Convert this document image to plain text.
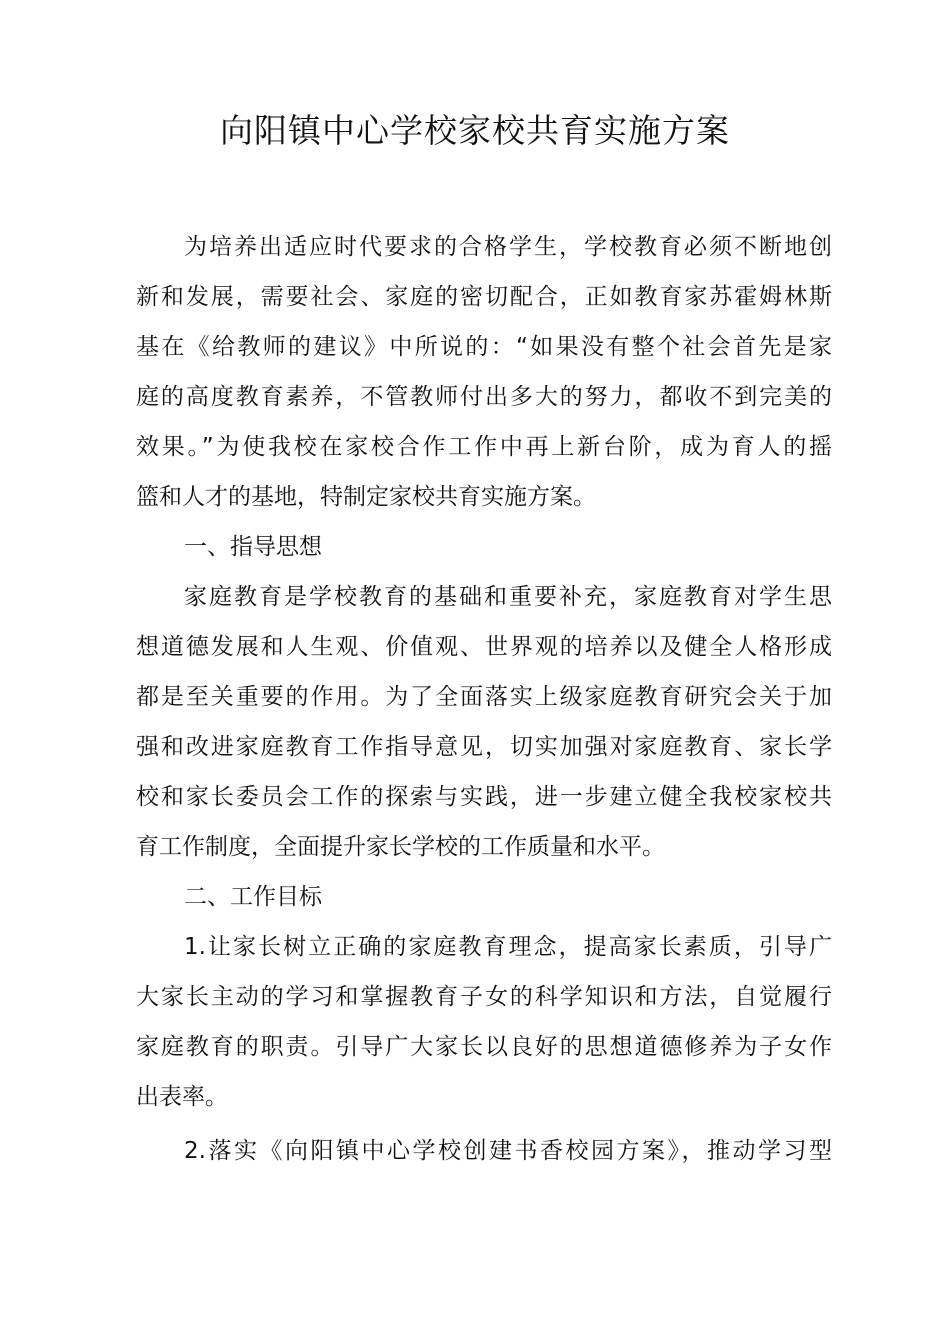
向阳镇中心学校家校共育实施方案
为培养出适应时代要求的合格学生，学校教育必须不断地创
新和发展，需要社会、家庭的密切配合，正如教育家苏霍姆林斯
基在《给教师的建议》中所说的：“如果没有整个社会首先是家
庭的高度教育素养，不管教师付出多大的努力，都收不到完美的
效果。”为使我校在家校合作工作中再上新台阶，成为育人的摇
篮和人才的基地，特制定家校共育实施方案。
一、指导思想
家庭教育是学校教育的基础和重要补充，家庭教育对学生思
想道德发展和人生观、价值观、世界观的培养以及健全人格形成
都是至关重要的作用。为了全面落实上级家庭教育研究会关于加
强和改进家庭教育工作指导意见，切实加强对家庭教育、家长学
校和家长委员会工作的探索与实践，进一步建立健全我校家校共
育工作制度，全面提升家长学校的工作质量和水平。
二、工作目标
1.让家长树立正确的家庭教育理念，提高家长素质，引导广
大家长主动的学习和掌握教育子女的科学知识和方法，自觉履行
家庭教育的职责。引导广大家长以良好的思想道德修养为子女作
出表率。
2.落实《向阳镇中心学校创建书香校园方案》，推动学习型
